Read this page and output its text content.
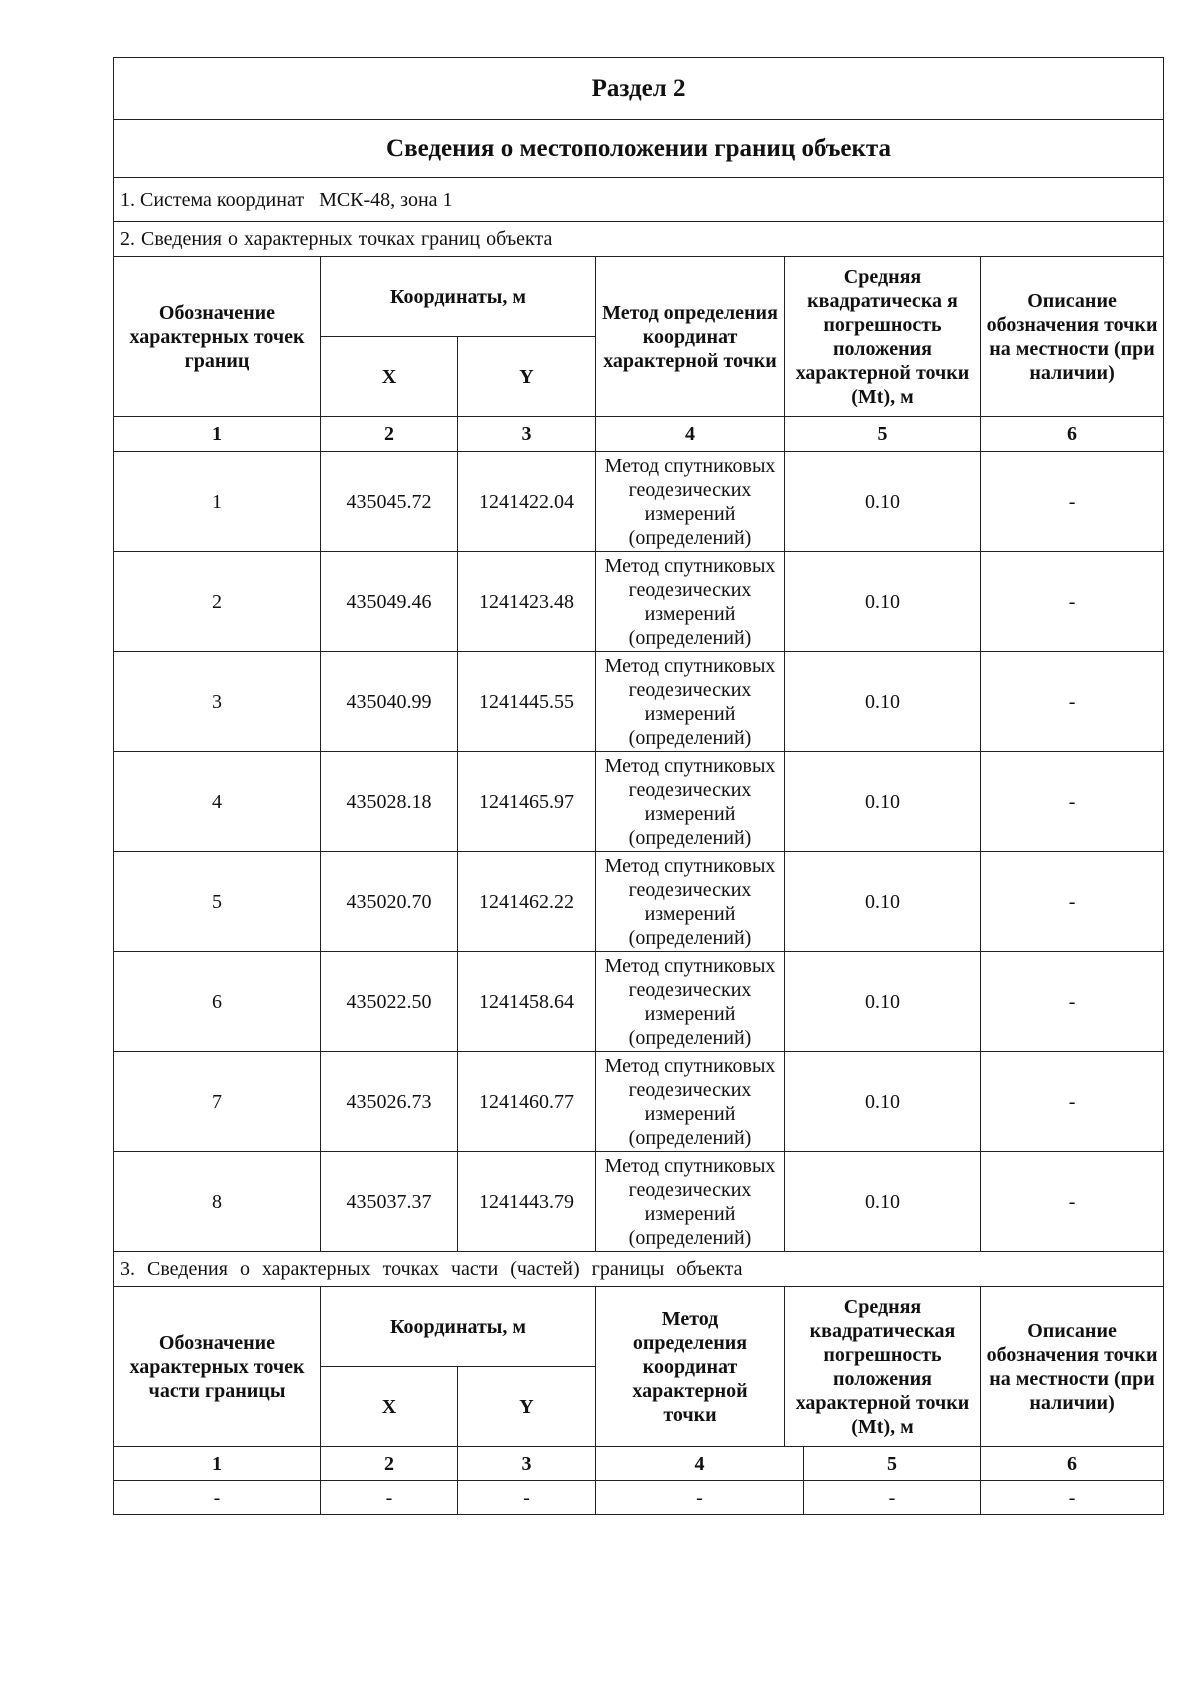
Раздел 2						
Сведения о местоположении границ объекта						
1. Система координат МСК-48, зона 1						
2. Сведения о характерных точках границ объекта						
Обозначение характерных точек границ	Координаты, м		Метод определения координат характерной точки	Средняя квадратическа я погрешность положения характерной точки (Mt), м		Описание обозначения точки на местности (при наличии)
	X	Y				
1	2	3	4	5		6
1	435045.72	1241422.04	Метод спутниковых геодезических измерений (определений)	0.10		-
2	435049.46	1241423.48	Метод спутниковых геодезических измерений (определений)	0.10		-
3	435040.99	1241445.55	Метод спутниковых геодезических измерений (определений)	0.10		-
4	435028.18	1241465.97	Метод спутниковых геодезических измерений (определений)	0.10		-
5	435020.70	1241462.22	Метод спутниковых геодезических измерений (определений)	0.10		-
6	435022.50	1241458.64	Метод спутниковых геодезических измерений (определений)	0.10		-
7	435026.73	1241460.77	Метод спутниковых геодезических измерений (определений)	0.10		-
8	435037.37	1241443.79	Метод спутниковых геодезических измерений (определений)	0.10		-
3. Сведения о характерных точках части (частей) границы объекта						
Обозначение характерных точек части границы	Координаты, м		Метод определения координат характерной точки	Средняя квадратическая погрешность положения характерной точки (Mt), м		Описание обозначения точки на местности (при наличии)
	X	Y				
1	2	3	4		5	6
-	-	-	-		-	-
